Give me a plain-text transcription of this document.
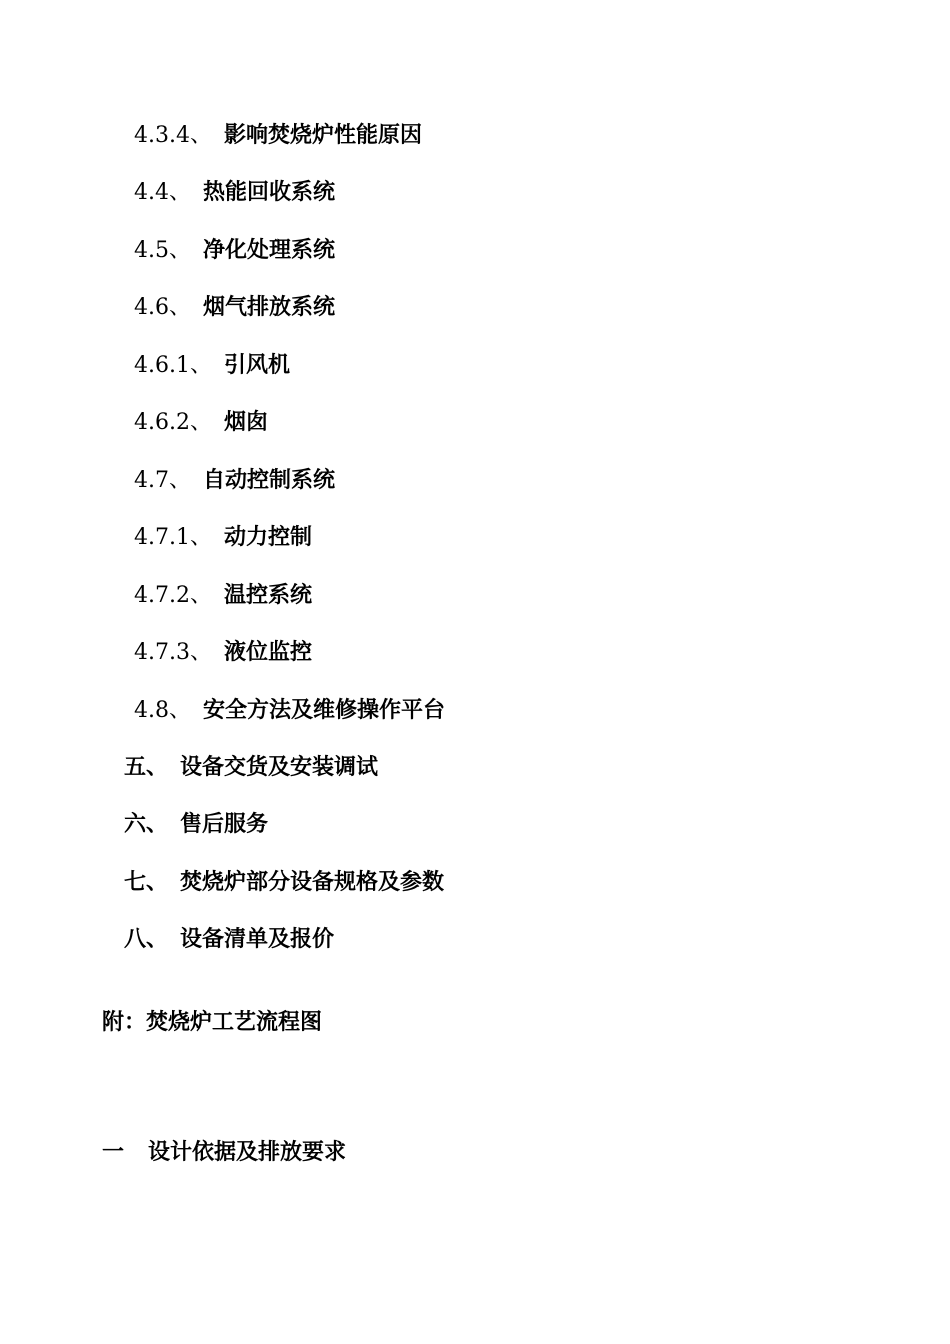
4.3.4、 影响焚烧炉性能原因
4.4、 热能回收系统
4.5、 净化处理系统
4.6、 烟气排放系统
4.6.1、 引风机
4.6.2、 烟囱
4.7、 自动控制系统
4.7.1、 动力控制
4.7.2、 温控系统
4.7.3、 液位监控
4.8、 安全方法及维修操作平台
五、 设备交货及安装调试
六、 售后服务
七、 焚烧炉部分设备规格及参数
八、 设备清单及报价
附：焚烧炉工艺流程图
一 设计依据及排放要求
